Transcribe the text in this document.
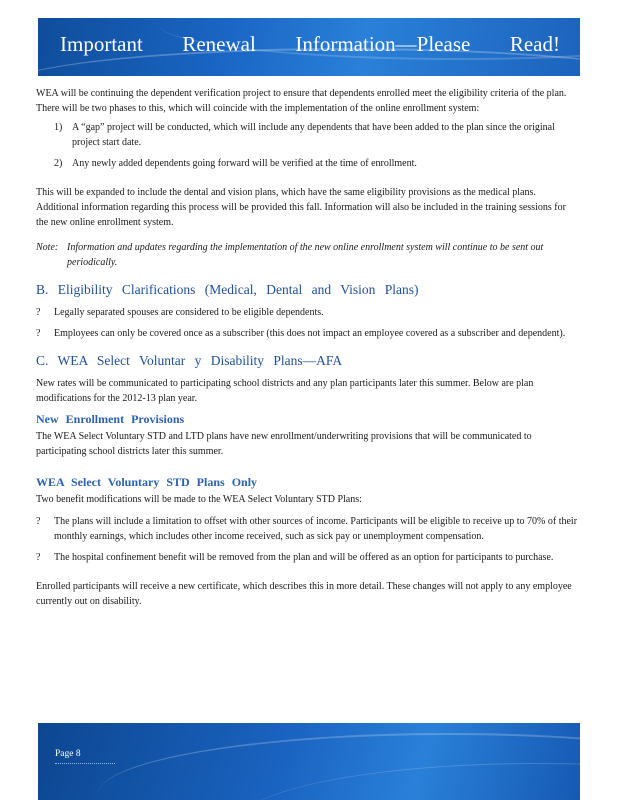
Important Renewal Information—Please Read!

WEA will be continuing the dependent verification project to ensure that dependents enrolled meet the eligibility criteria of the plan. There will be two phases to this, which will coincide with the implementation of the online enrollment system:

1) A “gap” project will be conducted, which will include any dependents that have been added to the plan since the original project start date.
2) Any newly added dependents going forward will be verified at the time of enrollment.

This will be expanded to include the dental and vision plans, which have the same eligibility provisions as the medical plans. Additional information regarding this process will be provided this fall. Information will also be included in the training sessions for the new online enrollment system.

Note: Information and updates regarding the implementation of the new online enrollment system will continue to be sent out periodically.
B. Eligibility Clarifications (Medical, Dental and Vision Plans)
?	Legally separated spouses are considered to be eligible dependents.
?	Employees can only be covered once as a subscriber (this does not impact an employee covered as a subscriber and dependent).
C. WEA Select Voluntar y Disability Plans—AFA

New rates will be communicated to participating school districts and any plan participants later this summer. Below are plan modifications for the 2012-13 plan year.

New Enrollment Provisions

The WEA Select Voluntary STD and LTD plans have new enrollment/underwriting provisions that will be communicated to participating school districts later this summer.

WEA Select Voluntary STD Plans Only

Two benefit modifications will be made to the WEA Select Voluntary STD Plans:

?	The plans will include a limitation to offset with other sources of income. Participants will be eligible to receive up to 70% of their monthly earnings, which includes other income received, such as sick pay or unemployment compensation.
?	The hospital confinement benefit will be removed from the plan and will be offered as an option for participants to purchase.

Enrolled participants will receive a new certificate, which describes this in more detail. These changes will not apply to any employee currently out on disability.

Page 8
